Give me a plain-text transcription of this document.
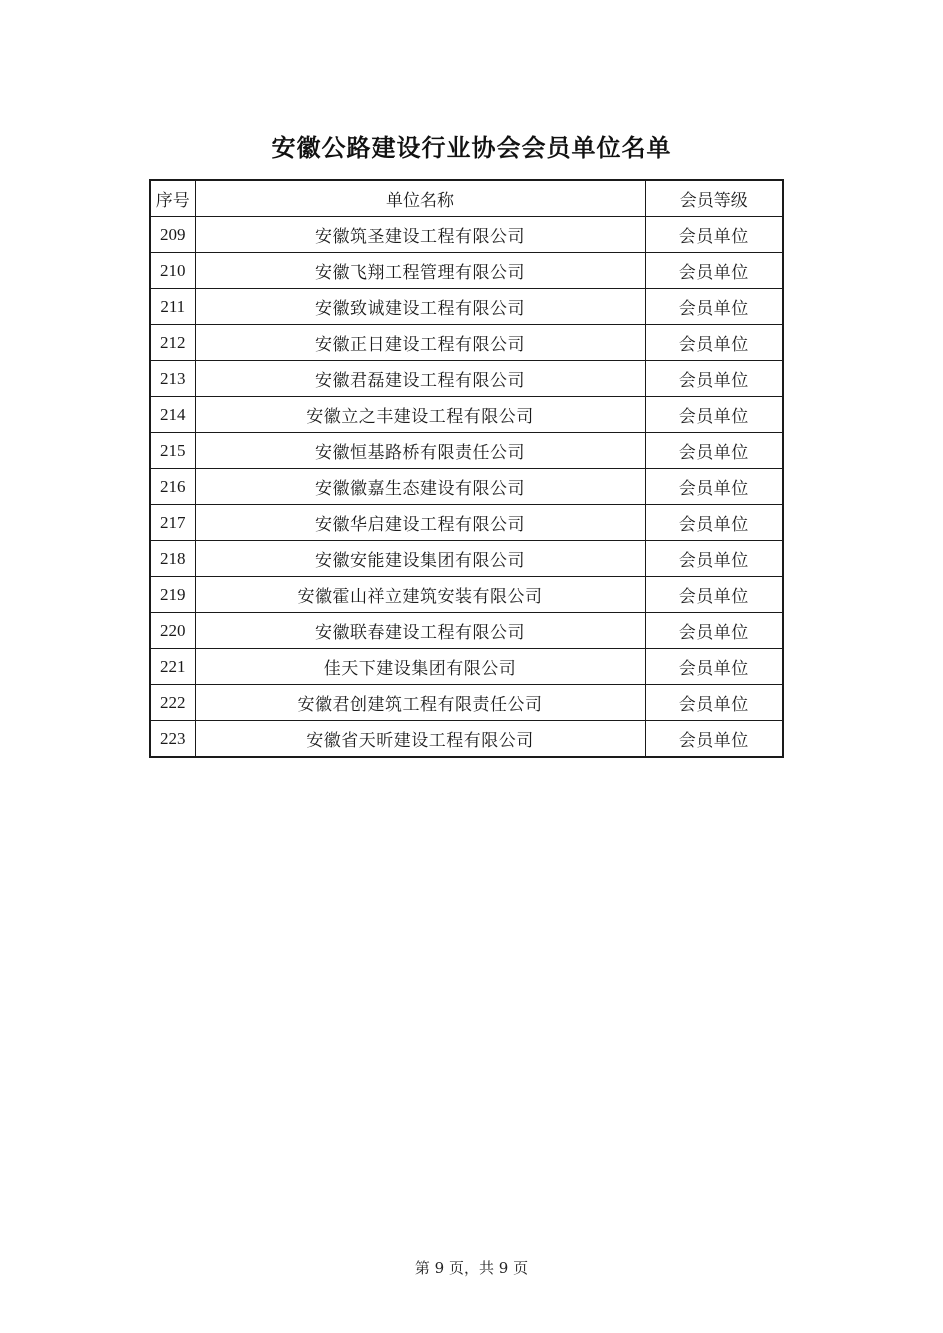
安徽公路建设行业协会会员单位名单
序号	单位名称	会员等级
209	安徽筑圣建设工程有限公司	会员单位
210	安徽飞翔工程管理有限公司	会员单位
211	安徽致诚建设工程有限公司	会员单位
212	安徽正日建设工程有限公司	会员单位
213	安徽君磊建设工程有限公司	会员单位
214	安徽立之丰建设工程有限公司	会员单位
215	安徽恒基路桥有限责任公司	会员单位
216	安徽徽嘉生态建设有限公司	会员单位
217	安徽华启建设工程有限公司	会员单位
218	安徽安能建设集团有限公司	会员单位
219	安徽霍山祥立建筑安装有限公司	会员单位
220	安徽联春建设工程有限公司	会员单位
221	佳天下建设集团有限公司	会员单位
222	安徽君创建筑工程有限责任公司	会员单位
223	安徽省天昕建设工程有限公司	会员单位
第 9 页，共 9 页
